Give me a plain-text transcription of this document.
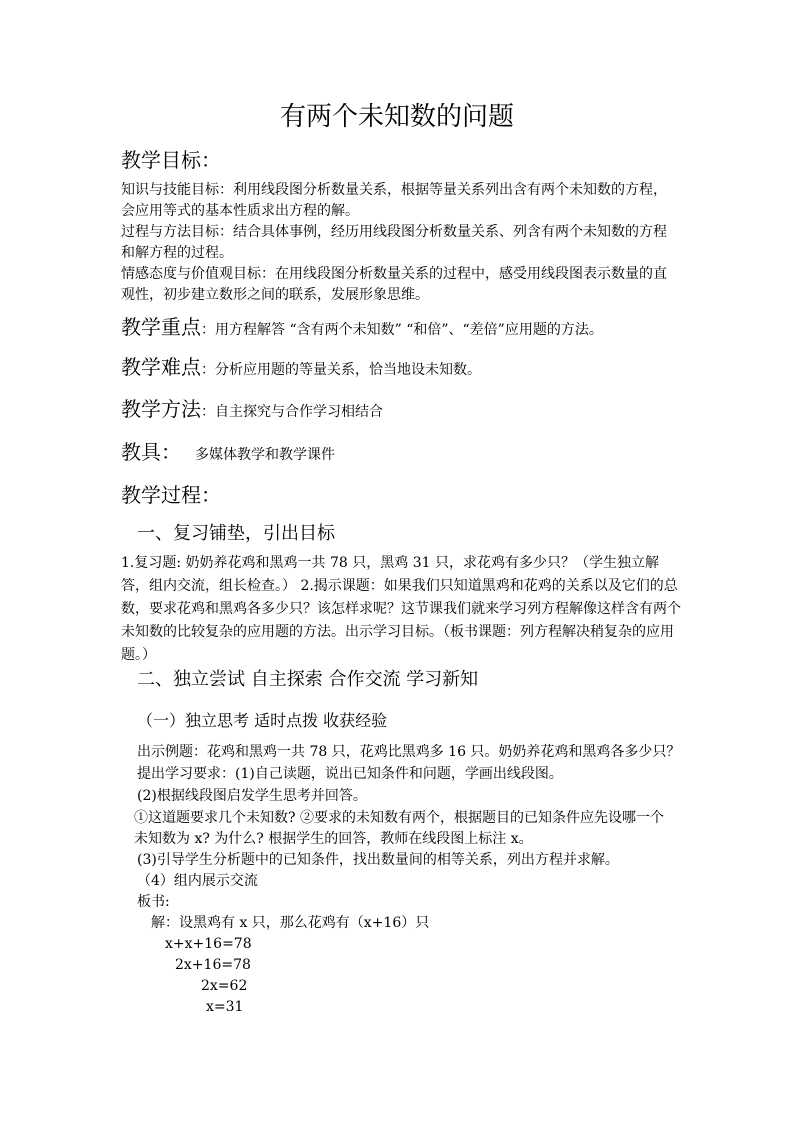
有两个未知数的问题
教学目标：
知识与技能目标：利用线段图分析数量关系，根据等量关系列出含有两个未知数的方程，
会应用等式的基本性质求出方程的解。
过程与方法目标：结合具体事例，经历用线段图分析数量关系、列含有两个未知数的方程
和解方程的过程。
情感态度与价值观目标：在用线段图分析数量关系的过程中，感受用线段图表示数量的直
观性，初步建立数形之间的联系，发展形象思维。
教学重点：用方程解答 “含有两个未知数” “和倍”、“差倍”应用题的方法。
教学难点：分析应用题的等量关系，恰当地设未知数。
教学方法：自主探究与合作学习相结合
教具： 多媒体教学和教学课件
教学过程：
一、复习铺垫，引出目标
1.复习题: 奶奶养花鸡和黑鸡一共 78 只，黑鸡 31 只，求花鸡有多少只？（学生独立解
答，组内交流，组长检查。） 2.揭示课题：如果我们只知道黑鸡和花鸡的关系以及它们的总
数，要求花鸡和黑鸡各多少只？该怎样求呢？这节课我们就来学习列方程解像这样含有两个
未知数的比较复杂的应用题的方法。出示学习目标。（板书课题：列方程解决稍复杂的应用
题。）
二、独立尝试 自主探索 合作交流 学习新知
（一）独立思考 适时点拨 收获经验
出示例题：花鸡和黑鸡一共 78 只，花鸡比黑鸡多 16 只。奶奶养花鸡和黑鸡各多少只？
提出学习要求：(1)自己读题，说出已知条件和问题，学画出线段图。
(2)根据线段图启发学生思考并回答。
①这道题要求几个未知数? ②要求的未知数有两个，根据题目的已知条件应先设哪一个
未知数为 x? 为什么? 根据学生的回答，教师在线段图上标注 x。
(3)引导学生分析题中的已知条件，找出数量间的相等关系，列出方程并求解。
（4）组内展示交流
板书:
解：设黑鸡有 x 只，那么花鸡有（x+16）只
x+x+16=78
2x+16=78
2x=62
x=31
